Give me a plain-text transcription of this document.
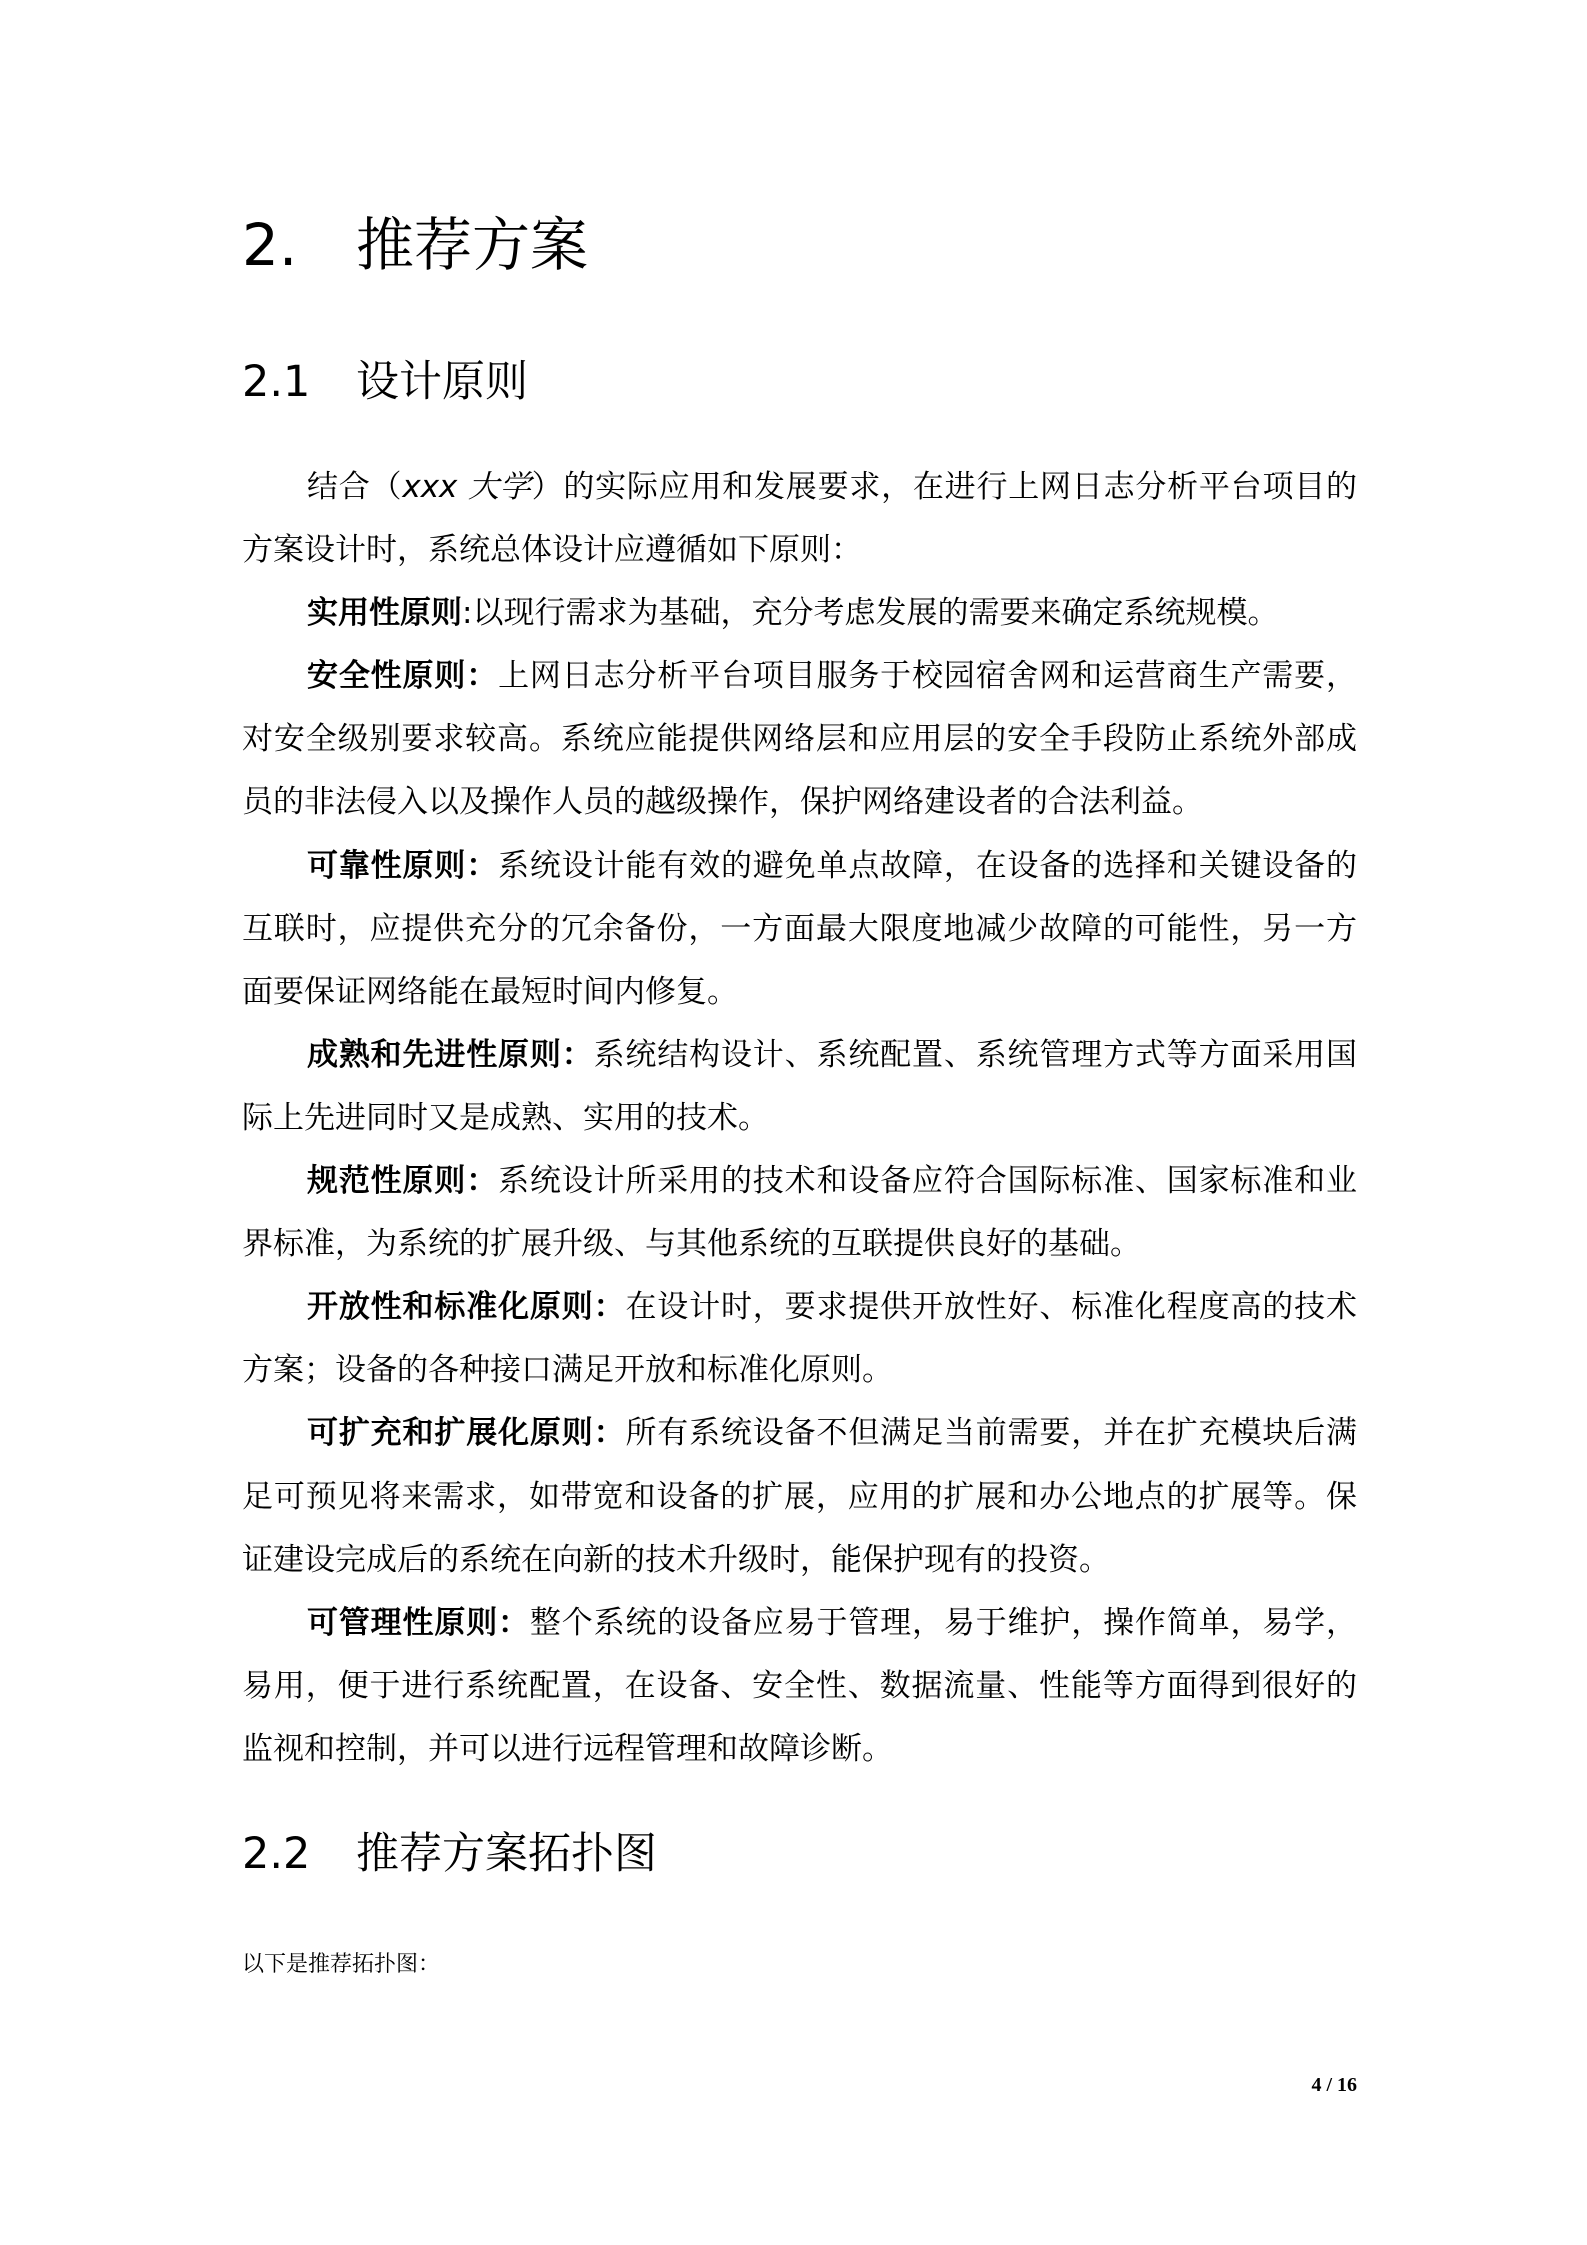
2. 推荐方案
2.1 设计原则
结合（xxx 大学）的实际应用和发展要求，在进行上网日志分析平台项目的
方案设计时，系统总体设计应遵循如下原则：
实用性原则:以现行需求为基础，充分考虑发展的需要来确定系统规模。
安全性原则：上网日志分析平台项目服务于校园宿舍网和运营商生产需要，
对安全级别要求较高。系统应能提供网络层和应用层的安全手段防止系统外部成
员的非法侵入以及操作人员的越级操作，保护网络建设者的合法利益。
可靠性原则：系统设计能有效的避免单点故障，在设备的选择和关键设备的
互联时，应提供充分的冗余备份，一方面最大限度地减少故障的可能性，另一方
面要保证网络能在最短时间内修复。
成熟和先进性原则：系统结构设计、系统配置、系统管理方式等方面采用国
际上先进同时又是成熟、实用的技术。
规范性原则：系统设计所采用的技术和设备应符合国际标准、国家标准和业
界标准，为系统的扩展升级、与其他系统的互联提供良好的基础。
开放性和标准化原则：在设计时，要求提供开放性好、标准化程度高的技术
方案；设备的各种接口满足开放和标准化原则。
可扩充和扩展化原则：所有系统设备不但满足当前需要，并在扩充模块后满
足可预见将来需求，如带宽和设备的扩展，应用的扩展和办公地点的扩展等。保
证建设完成后的系统在向新的技术升级时，能保护现有的投资。
可管理性原则：整个系统的设备应易于管理，易于维护，操作简单，易学，
易用，便于进行系统配置，在设备、安全性、数据流量、性能等方面得到很好的
监视和控制，并可以进行远程管理和故障诊断。
2.2 推荐方案拓扑图
以下是推荐拓扑图：
4 / 16
